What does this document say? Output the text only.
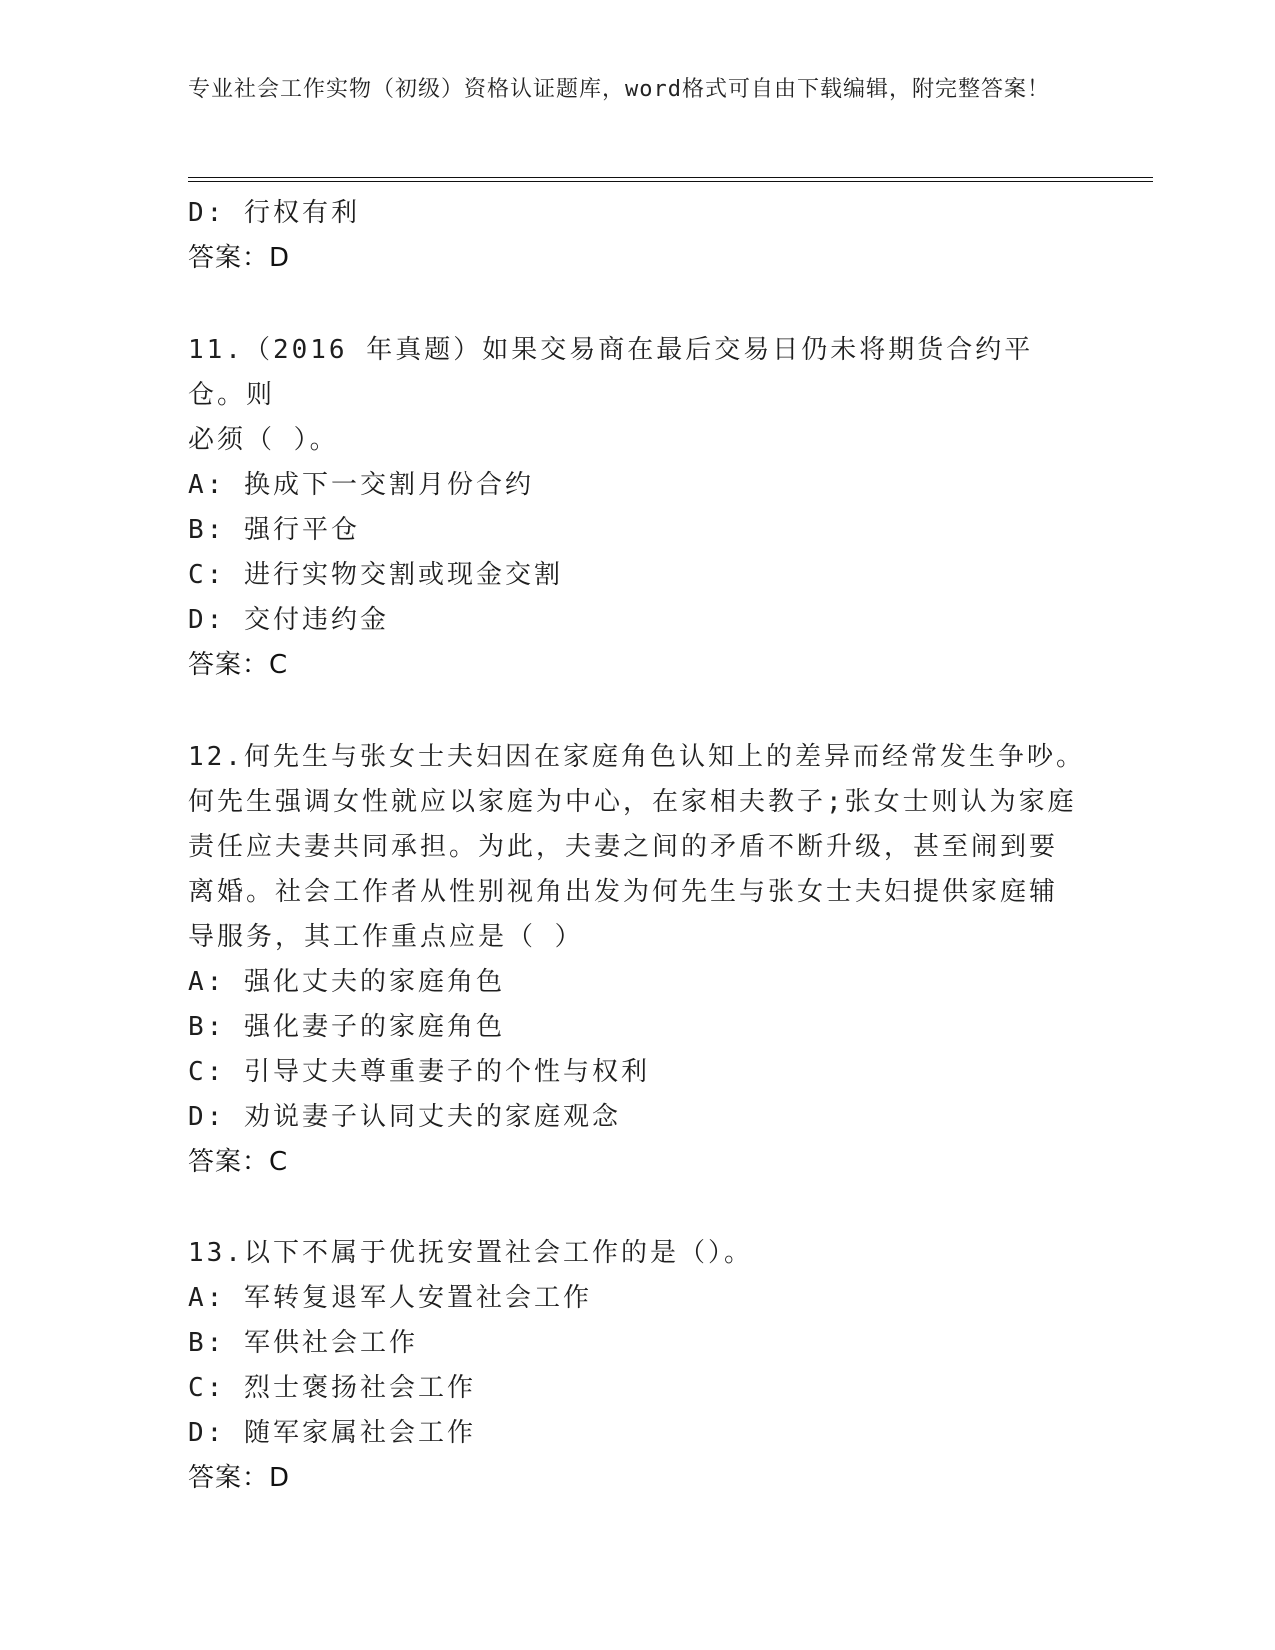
专业社会工作实物（初级）资格认证题库，word格式可自由下载编辑，附完整答案！
D: 行权有利
答案：D
11.（2016 年真题）如果交易商在最后交易日仍未将期货合约平仓。则
必须（ ）。
A: 换成下一交割月份合约
B: 强行平仓
C: 进行实物交割或现金交割
D: 交付违约金
答案：C
12.何先生与张女士夫妇因在家庭角色认知上的差异而经常发生争吵。
何先生强调女性就应以家庭为中心，在家相夫教子;张女士则认为家庭
责任应夫妻共同承担。为此，夫妻之间的矛盾不断升级，甚至闹到要
离婚。社会工作者从性别视角出发为何先生与张女士夫妇提供家庭辅
导服务，其工作重点应是（ ）
A: 强化丈夫的家庭角色
B: 强化妻子的家庭角色
C: 引导丈夫尊重妻子的个性与权利
D: 劝说妻子认同丈夫的家庭观念
答案：C
13.以下不属于优抚安置社会工作的是（）。
A: 军转复退军人安置社会工作
B: 军供社会工作
C: 烈士褒扬社会工作
D: 随军家属社会工作
答案：D
